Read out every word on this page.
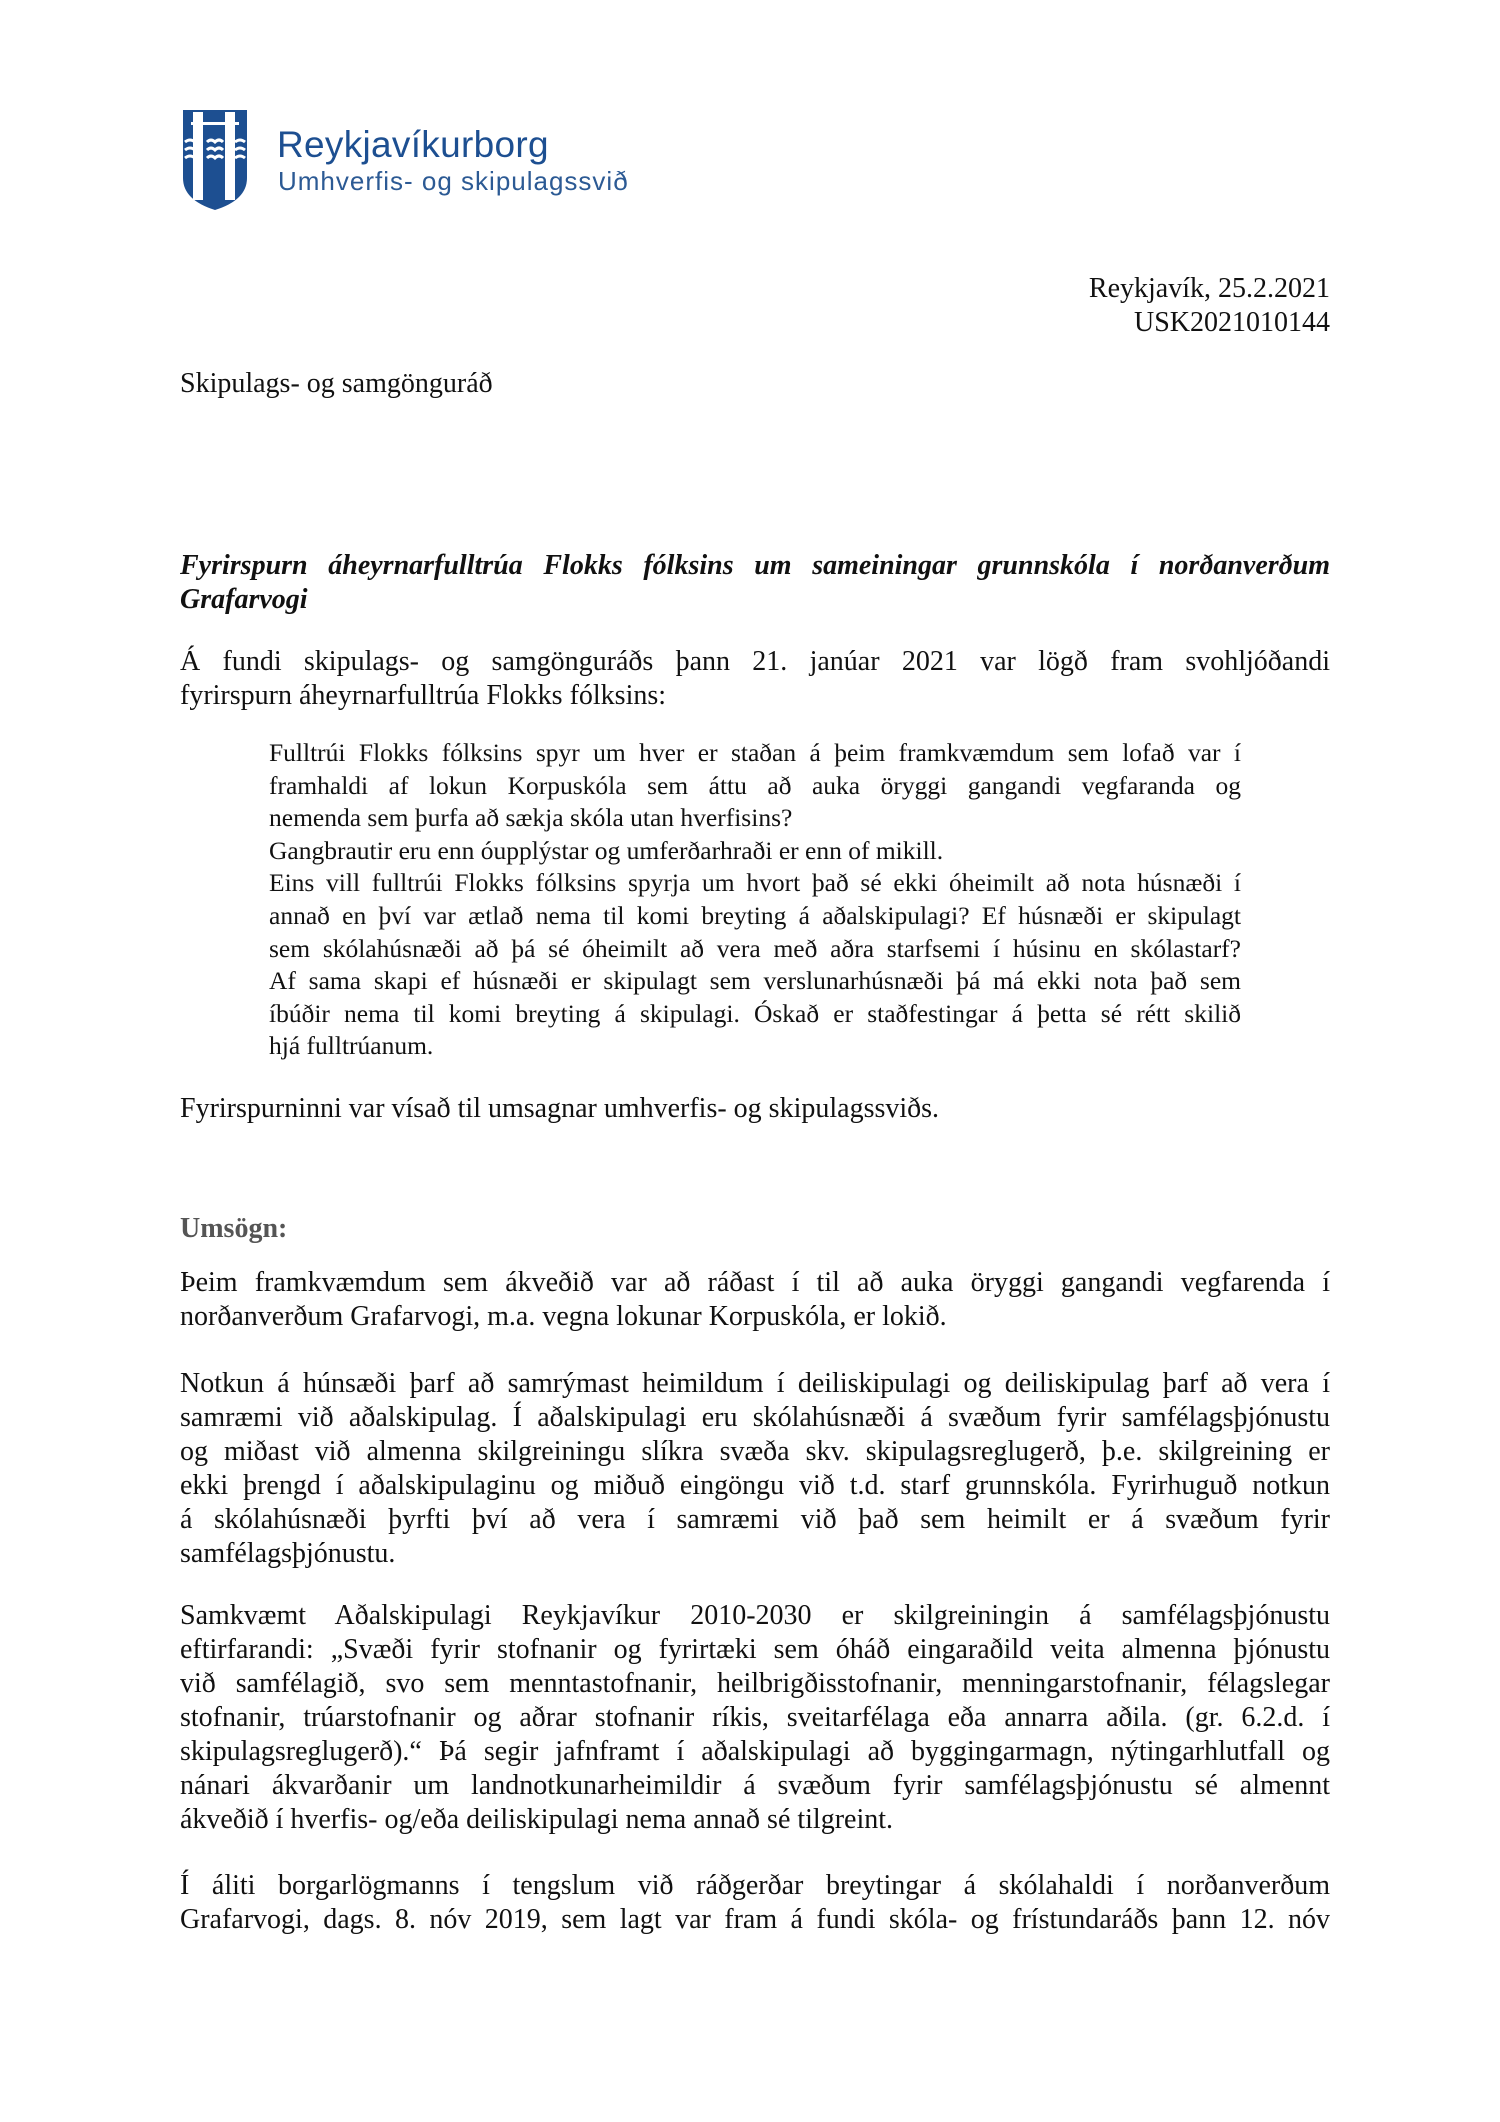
Reykjavíkurborg
Umhverfis- og skipulagssvið
Reykjavík, 25.2.2021
USK2021010144
Skipulags- og samgönguráð
Fyrirspurn áheyrnarfulltrúa Flokks fólksins um sameiningar grunnskóla í norðanverðum
Grafarvogi
Á fundi skipulags- og samgönguráðs þann 21. janúar 2021 var lögð fram svohljóðandi
fyrirspurn áheyrnarfulltrúa Flokks fólksins:
Fulltrúi Flokks fólksins spyr um hver er staðan á þeim framkvæmdum sem lofað var í
framhaldi af lokun Korpuskóla sem áttu að auka öryggi gangandi vegfaranda og
nemenda sem þurfa að sækja skóla utan hverfisins?
Gangbrautir eru enn óupplýstar og umferðarhraði er enn of mikill.
Eins vill fulltrúi Flokks fólksins spyrja um hvort það sé ekki óheimilt að nota húsnæði í
annað en því var ætlað nema til komi breyting á aðalskipulagi? Ef húsnæði er skipulagt
sem skólahúsnæði að þá sé óheimilt að vera með aðra starfsemi í húsinu en skólastarf?
Af sama skapi ef húsnæði er skipulagt sem verslunarhúsnæði þá má ekki nota það sem
íbúðir nema til komi breyting á skipulagi. Óskað er staðfestingar á þetta sé rétt skilið
hjá fulltrúanum.
Fyrirspurninni var vísað til umsagnar umhverfis- og skipulagssviðs.
Umsögn:
Þeim framkvæmdum sem ákveðið var að ráðast í til að auka öryggi gangandi vegfarenda í
norðanverðum Grafarvogi, m.a. vegna lokunar Korpuskóla, er lokið.
Notkun á húnsæði þarf að samrýmast heimildum í deiliskipulagi og deiliskipulag þarf að vera í
samræmi við aðalskipulag. Í aðalskipulagi eru skólahúsnæði á svæðum fyrir samfélagsþjónustu
og miðast við almenna skilgreiningu slíkra svæða skv. skipulagsreglugerð, þ.e. skilgreining er
ekki þrengd í aðalskipulaginu og miðuð eingöngu við t.d. starf grunnskóla. Fyrirhuguð notkun
á skólahúsnæði þyrfti því að vera í samræmi við það sem heimilt er á svæðum fyrir
samfélagsþjónustu.
Samkvæmt Aðalskipulagi Reykjavíkur 2010-2030 er skilgreiningin á samfélagsþjónustu
eftirfarandi: „Svæði fyrir stofnanir og fyrirtæki sem óháð eingaraðild veita almenna þjónustu
við samfélagið, svo sem menntastofnanir, heilbrigðisstofnanir, menningarstofnanir, félagslegar
stofnanir, trúarstofnanir og aðrar stofnanir ríkis, sveitarfélaga eða annarra aðila. (gr. 6.2.d. í
skipulagsreglugerð).“ Þá segir jafnframt í aðalskipulagi að byggingarmagn, nýtingarhlutfall og
nánari ákvarðanir um landnotkunarheimildir á svæðum fyrir samfélagsþjónustu sé almennt
ákveðið í hverfis- og/eða deiliskipulagi nema annað sé tilgreint.
Í áliti borgarlögmanns í tengslum við ráðgerðar breytingar á skólahaldi í norðanverðum
Grafarvogi, dags. 8. nóv 2019, sem lagt var fram á fundi skóla- og frístundaráðs þann 12. nóv
